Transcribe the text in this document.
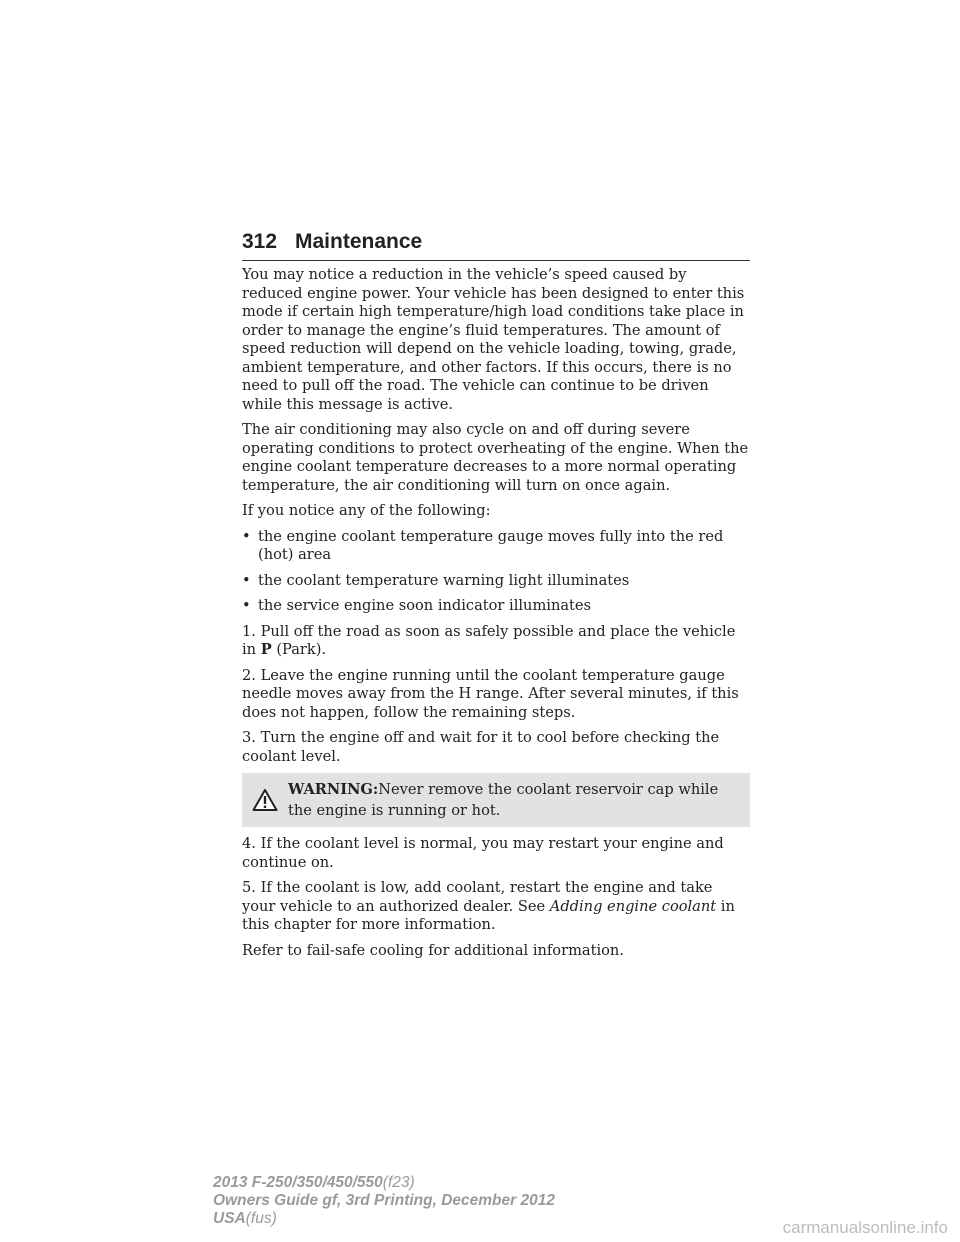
312 Maintenance

You may notice a reduction in the vehicle’s speed caused by reduced engine power. Your vehicle has been designed to enter this mode if certain high temperature/high load conditions take place in order to manage the engine’s fluid temperatures. The amount of speed reduction will depend on the vehicle loading, towing, grade, ambient temperature, and other factors. If this occurs, there is no need to pull off the road. The vehicle can continue to be driven while this message is active.

The air conditioning may also cycle on and off during severe operating conditions to protect overheating of the engine. When the engine coolant temperature decreases to a more normal operating temperature, the air conditioning will turn on once again.

If you notice any of the following:

• the engine coolant temperature gauge moves fully into the red (hot) area
• the coolant temperature warning light illuminates
• the service engine soon indicator illuminates

1. Pull off the road as soon as safely possible and place the vehicle in P (Park).

2. Leave the engine running until the coolant temperature gauge needle moves away from the H range. After several minutes, if this does not happen, follow the remaining steps.

3. Turn the engine off and wait for it to cool before checking the coolant level.

WARNING:Never remove the coolant reservoir cap while the engine is running or hot.

4. If the coolant level is normal, you may restart your engine and continue on.

5. If the coolant is low, add coolant, restart the engine and take your vehicle to an authorized dealer. See Adding engine coolant in this chapter for more information.

Refer to fail-safe cooling for additional information.

2013 F-250/350/450/550(f23)
Owners Guide gf, 3rd Printing, December 2012
USA(fus)	carmanualsonline.info
